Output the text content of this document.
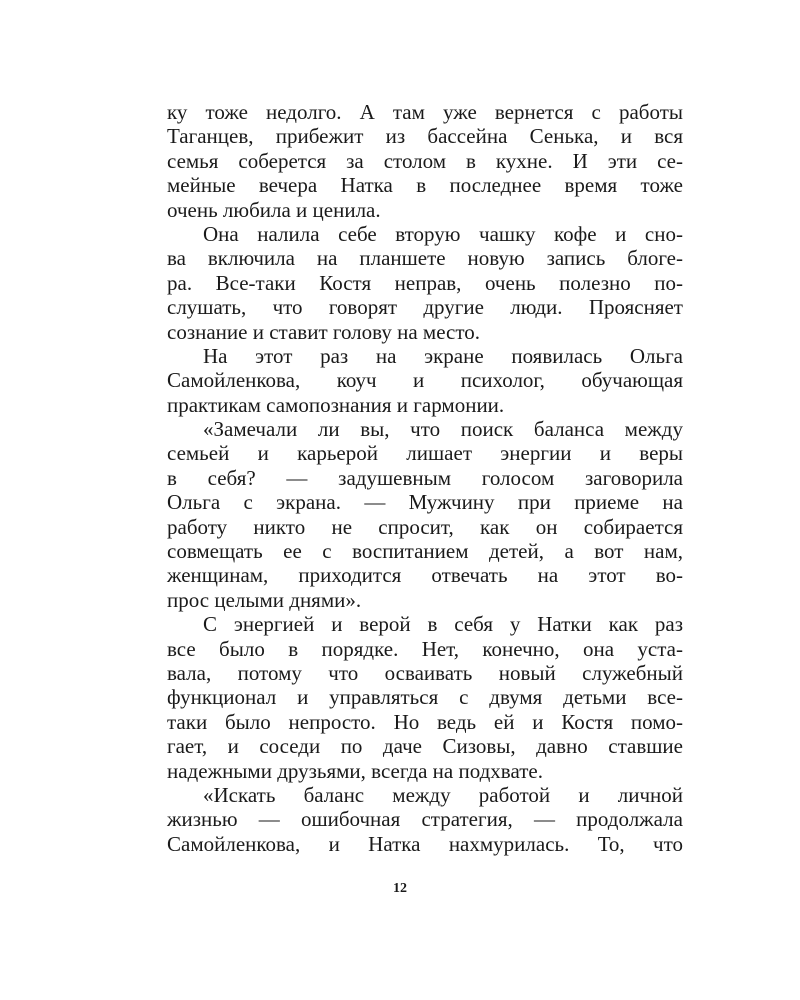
ку тоже недолго. А там уже вернется с работы
Таганцев, прибежит из бассейна Сенька, и вся
семья соберется за столом в кухне. И эти се-
мейные вечера Натка в последнее время тоже
очень любила и ценила.
Она налила себе вторую чашку кофе и сно-
ва включила на планшете новую запись блоге-
ра. Все-таки Костя неправ, очень полезно по-
слушать, что говорят другие люди. Проясняет
сознание и ставит голову на место.
На этот раз на экране появилась Ольга
Самойленкова, коуч и психолог, обучающая
практикам самопознания и гармонии.
«Замечали ли вы, что поиск баланса между
семьей и карьерой лишает энергии и веры
в себя? — задушевным голосом заговорила
Ольга с экрана. — Мужчину при приеме на
работу никто не спросит, как он собирается
совмещать ее с воспитанием детей, а вот нам,
женщинам, приходится отвечать на этот во-
прос целыми днями».
С энергией и верой в себя у Натки как раз
все было в порядке. Нет, конечно, она уста-
вала, потому что осваивать новый служебный
функционал и управляться с двумя детьми все-
таки было непросто. Но ведь ей и Костя помо-
гает, и соседи по даче Сизовы, давно ставшие
надежными друзьями, всегда на подхвате.
«Искать баланс между работой и личной
жизнью — ошибочная стратегия, — продолжала
Самойленкова, и Натка нахмурилась. То, что
12
